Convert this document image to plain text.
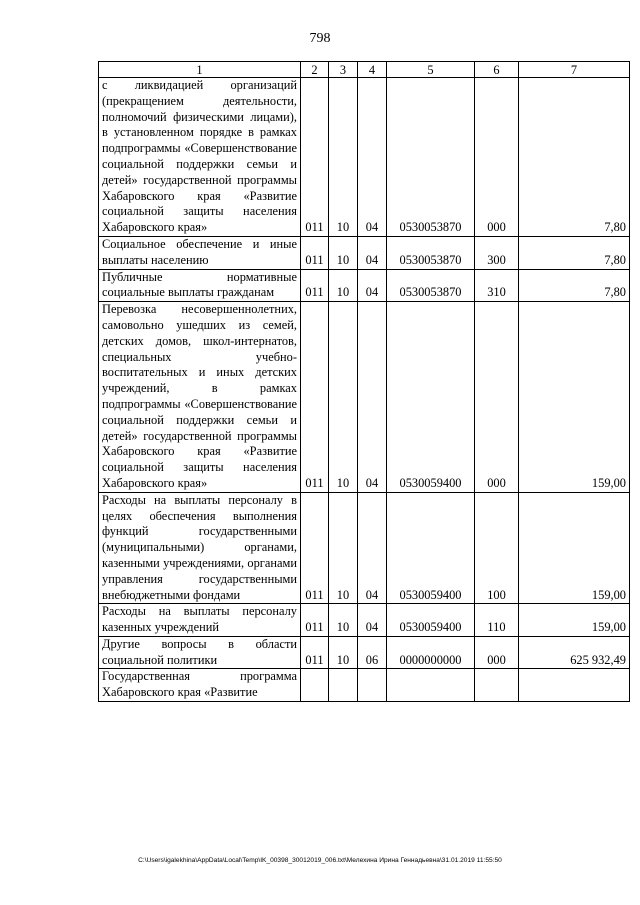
798
1	2	3	4	5	6	7
с ликвидацией организаций (прекращением деятельности, полномочий физическими лицами), в установленном порядке в рамках подпрограммы «Совершенствование социальной поддержки семьи и детей» государственной программы Хабаровского края «Развитие социальной защиты населения Хабаровского края»	011	10	04	0530053870	000	7,80
Социальное обеспечение и иные выплаты населению	011	10	04	0530053870	300	7,80
Публичные нормативные социальные выплаты гражданам	011	10	04	0530053870	310	7,80
Перевозка несовершеннолетних, самовольно ушедших из семей, детских домов, школ-интернатов, специальных учебно-воспитательных и иных детских учреждений, в рамках подпрограммы «Совершенствование социальной поддержки семьи и детей» государственной программы Хабаровского края «Развитие социальной защиты населения Хабаровского края»	011	10	04	0530059400	000	159,00
Расходы на выплаты персоналу в целях обеспечения выполнения функций государственными (муниципальными) органами, казенными учреждениями, органами управления государственными внебюджетными фондами	011	10	04	0530059400	100	159,00
Расходы на выплаты персоналу казенных учреждений	011	10	04	0530059400	110	159,00
Другие вопросы в области социальной политики	011	10	06	0000000000	000	625 932,49
Государственная программа Хабаровского края «Развитие						
C:\Users\igalekhina\AppData\Local\Temp\IK_00398_30012019_006.txt\Мелехина Ирина Геннадьевна\31.01.2019 11:55:50
